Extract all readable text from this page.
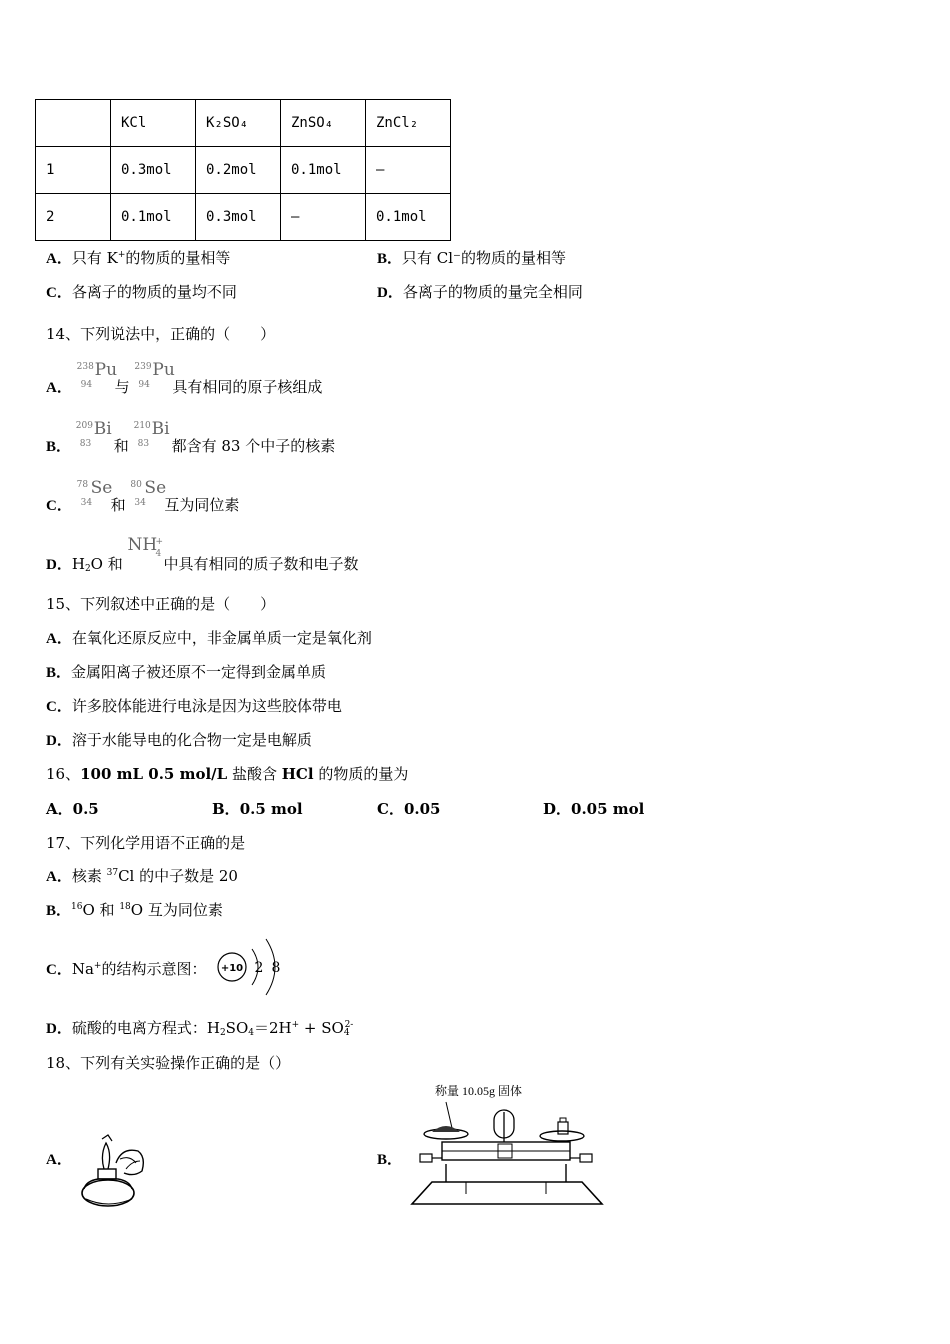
	KCl	K₂SO₄	ZnSO₄	ZnCl₂
1	0.3mol	0.2mol	0.1mol	—
2	0.1mol	0.3mol	—	0.1mol
A．只有 K+的物质的量相等	B．只有 Cl⁻的物质的量相等
C．各离子的物质的量均不同	D．各离子的物质的量完全相同
14、下列说法中，正确的（　　）
A．
238
94
Pu
与
239
94
Pu
具有相同的原子核组成
B．
209
83
Bi
和
210
83
Bi
都含有 83 个中子的核素
C．
78
34
Se
和
80
34
Se
互为同位素
D．$H_2O$ 和
NH
+
4
中具有相同的质子数和电子数
15、下列叙述中正确的是（　　）
A．在氧化还原反应中，非金属单质一定是氧化剂
B．金属阳离子被还原不一定得到金属单质
C．许多胶体能进行电泳是因为这些胶体带电
D．溶于水能导电的化合物一定是电解质
16、100 mL 0.5 mol/L 盐酸含 HCl 的物质的量为
A．0.5	B．0.5 mol	C．0.05	D．0.05 mol
17、下列化学用语不正确的是
A．核素 $^{37}$Cl 的中子数是 20
B．$^{16}$O 和 $^{18}$O 互为同位素
C．Na+的结构示意图： +10 2 8
D．硫酸的电离方程式：$H_2SO_4=2H^+ + SO_4^{2-}$
18、下列有关实验操作正确的是（）
A．	B．
称量 10.05g 固体
